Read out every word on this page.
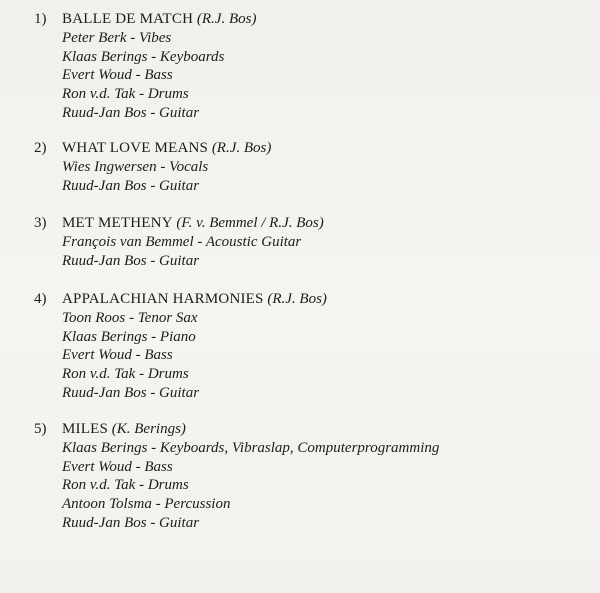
1)	BALLE DE MATCH (R.J. Bos)
Peter Berk - Vibes
Klaas Berings - Keyboards
Evert Woud - Bass
Ron v.d. Tak - Drums
Ruud-Jan Bos - Guitar
2)	WHAT LOVE MEANS (R.J. Bos)
Wies Ingwersen - Vocals
Ruud-Jan Bos - Guitar
3)	MET METHENY (F. v. Bemmel / R.J. Bos)
François van Bemmel - Acoustic Guitar
Ruud-Jan Bos - Guitar
4)	APPALACHIAN HARMONIES (R.J. Bos)
Toon Roos - Tenor Sax
Klaas Berings - Piano
Evert Woud - Bass
Ron v.d. Tak - Drums
Ruud-Jan Bos - Guitar
5)	MILES (K. Berings)
Klaas Berings - Keyboards, Vibraslap, Computerprogramming
Evert Woud - Bass
Ron v.d. Tak - Drums
Antoon Tolsma - Percussion
Ruud-Jan Bos - Guitar
